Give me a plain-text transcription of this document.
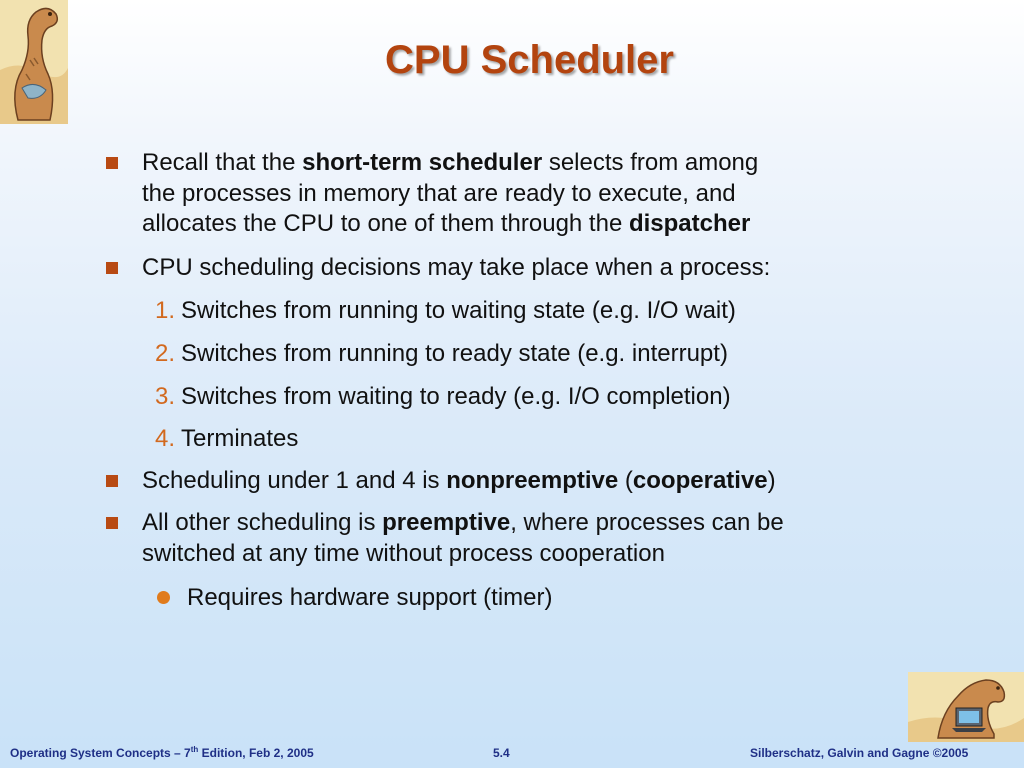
CPU Scheduler
Recall that the short-term scheduler selects from among
the processes in memory that are ready to execute, and
allocates the CPU to one of them through the dispatcher
CPU scheduling decisions may take place when a process:
1. Switches from running to waiting state (e.g. I/O wait)
2. Switches from running to ready state (e.g. interrupt)
3. Switches from waiting to ready (e.g. I/O completion)
4. Terminates
Scheduling under 1 and 4 is nonpreemptive (cooperative)
All other scheduling is preemptive, where processes can be
switched at any time without process cooperation
Requires hardware support (timer)
Operating System Concepts – 7th Edition, Feb 2, 2005	5.4	Silberschatz, Galvin and Gagne ©2005
